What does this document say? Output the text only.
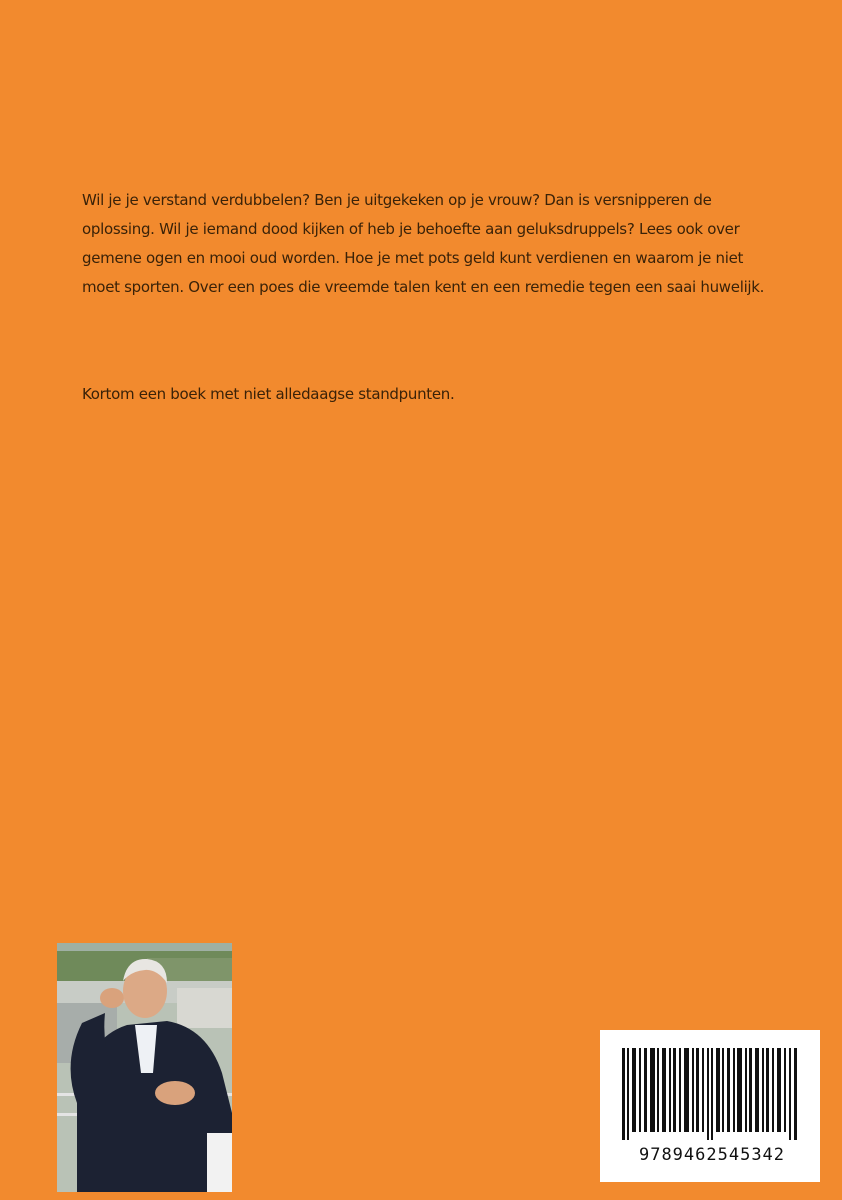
Wil je je verstand verdubbelen? Ben je uitgekeken op je vrouw? Dan is versnipperen de oplossing. Wil je iemand dood kijken of heb je behoefte aan geluksdruppels? Lees ook over gemene ogen en mooi oud worden. Hoe je met pots geld kunt verdienen en waarom je niet moet sporten. Over een poes die vreemde talen kent en een remedie tegen een saai huwelijk.

Kortom een boek met niet alledaagse standpunten.

9789462545342
